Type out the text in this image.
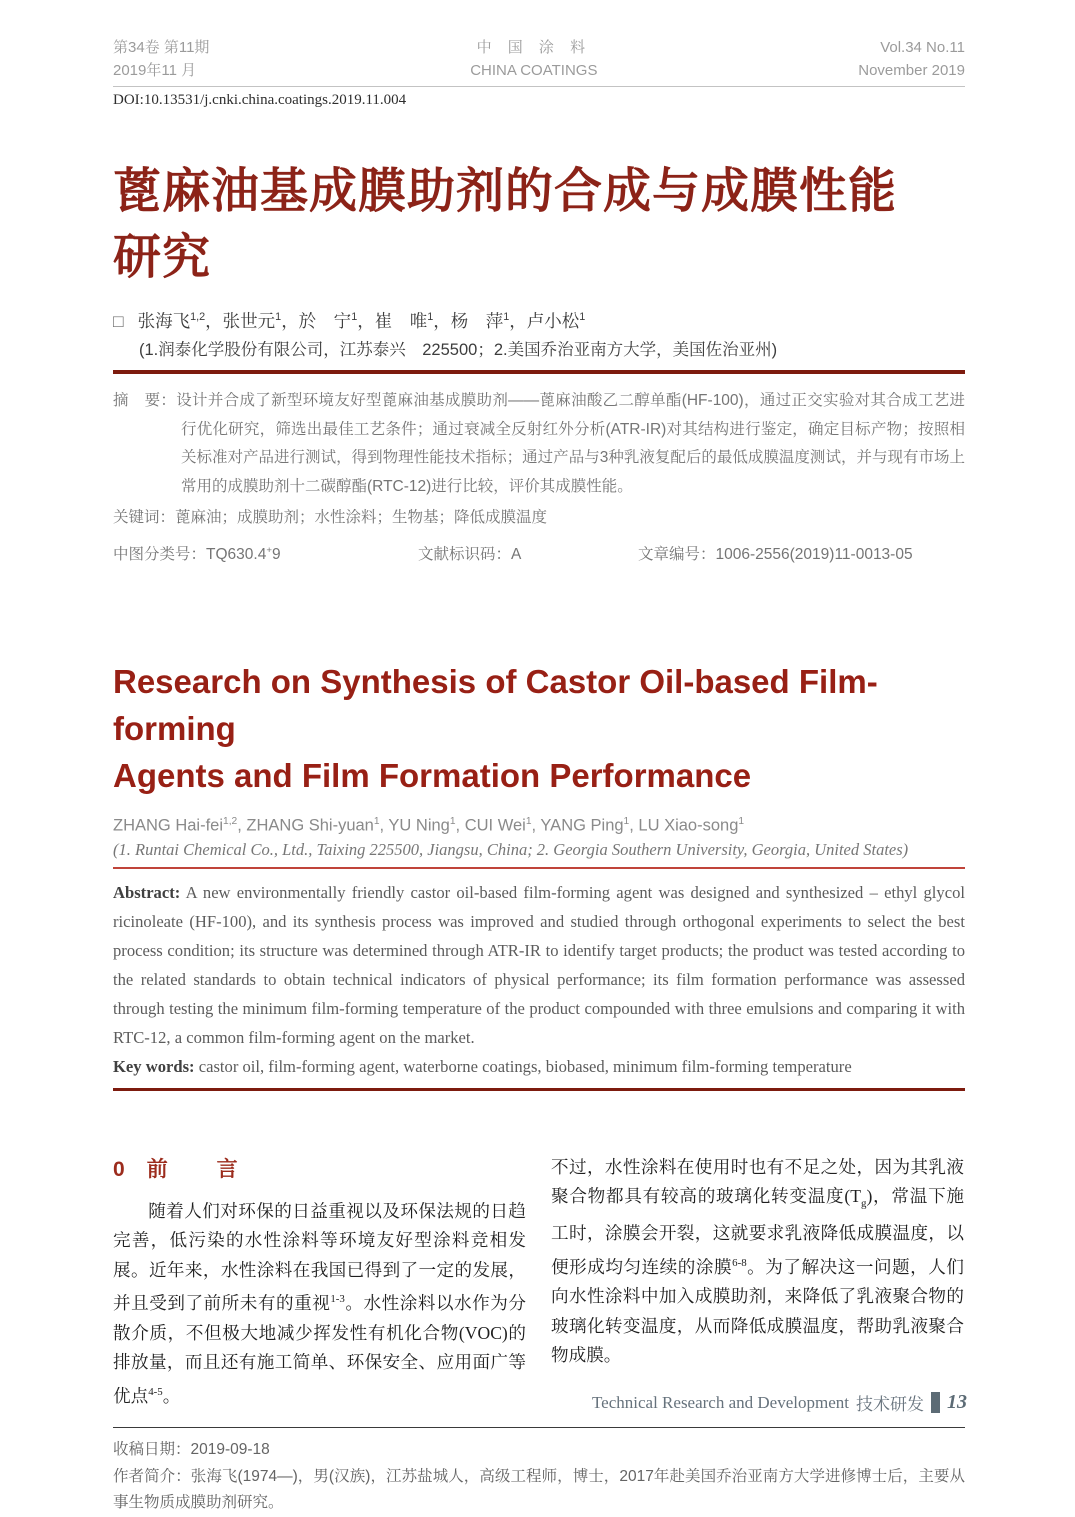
第34卷 第11期
2019年11 月
中 国 涂 料
CHINA COATINGS
Vol.34 No.11
November 2019
DOI:10.13531/j.cnki.china.coatings.2019.11.004
蓖麻油基成膜助剂的合成与成膜性能
研究
□ 张海飞$^{1,2}$，张世元$^1$，於　宁$^1$，崔　唯$^1$，杨　萍$^1$，卢小松$^1$
(1.润泰化学股份有限公司，江苏泰兴　225500；2.美国乔治亚南方大学，美国佐治亚州)
摘　要：设计并合成了新型环境友好型蓖麻油基成膜助剂——蓖麻油酸乙二醇单酯(HF-100)，通过正交实验对其合成工艺进行优化研究，筛选出最佳工艺条件；通过衰减全反射红外分析(ATR-IR)对其结构进行鉴定，确定目标产物；按照相关标准对产品进行测试，得到物理性能技术指标；通过产品与3种乳液复配后的最低成膜温度测试，并与现有市场上常用的成膜助剂十二碳醇酯(RTC-12)进行比较，评价其成膜性能。
关键词：蓖麻油；成膜助剂；水性涂料；生物基；降低成膜温度
中图分类号：TQ630.4+9	文献标识码：A	文章编号：1006-2556(2019)11-0013-05
Research on Synthesis of Castor Oil-based Film-forming
Agents and Film Formation Performance
ZHANG Hai-fei$^{1,2}$, ZHANG Shi-yuan$^1$, YU Ning$^1$, CUI Wei$^1$, YANG Ping$^1$, LU Xiao-song$^1$
(1. Runtai Chemical Co., Ltd., Taixing 225500, Jiangsu, China; 2. Georgia Southern University, Georgia, United States)
Abstract: A new environmentally friendly castor oil-based film-forming agent was designed and synthesized – ethyl glycol ricinoleate (HF-100), and its synthesis process was improved and studied through orthogonal experiments to select the best process condition; its structure was determined through ATR-IR to identify target products; the product was tested according to the related standards to obtain technical indicators of physical performance; its film formation performance was assessed through testing the minimum film-forming temperature of the product compounded with three emulsions and comparing it with RTC-12, a common film-forming agent on the market.
Key words: castor oil, film-forming agent, waterborne coatings, biobased, minimum film-forming temperature
0 前　言

随着人们对环保的日益重视以及环保法规的日趋完善，低污染的水性涂料等环境友好型涂料竞相发展。近年来，水性涂料在我国已得到了一定的发展，并且受到了前所未有的重视$^{1-3}$。水性涂料以水作为分散介质，不但极大地减少挥发性有机化合物(VOC)的排放量，而且还有施工简单、环保安全、应用面广等优点$^{4-5}$。

不过，水性涂料在使用时也有不足之处，因为其乳液聚合物都具有较高的玻璃化转变温度$(T_g)$，常温下施工时，涂膜会开裂，这就要求乳液降低成膜温度，以便形成均匀连续的涂膜$^{6-8}$。为了解决这一问题，人们向水性涂料中加入成膜助剂，来降低了乳液聚合物的玻璃化转变温度，从而降低成膜温度，帮助乳液聚合物成膜。

收稿日期：2019-09-18
作者简介：张海飞(1974—)，男(汉族)，江苏盐城人，高级工程师，博士，2017年赴美国乔治亚南方大学进修博士后，主要从事生物质成膜助剂研究。
Technical Research and Development 技术研发 13
